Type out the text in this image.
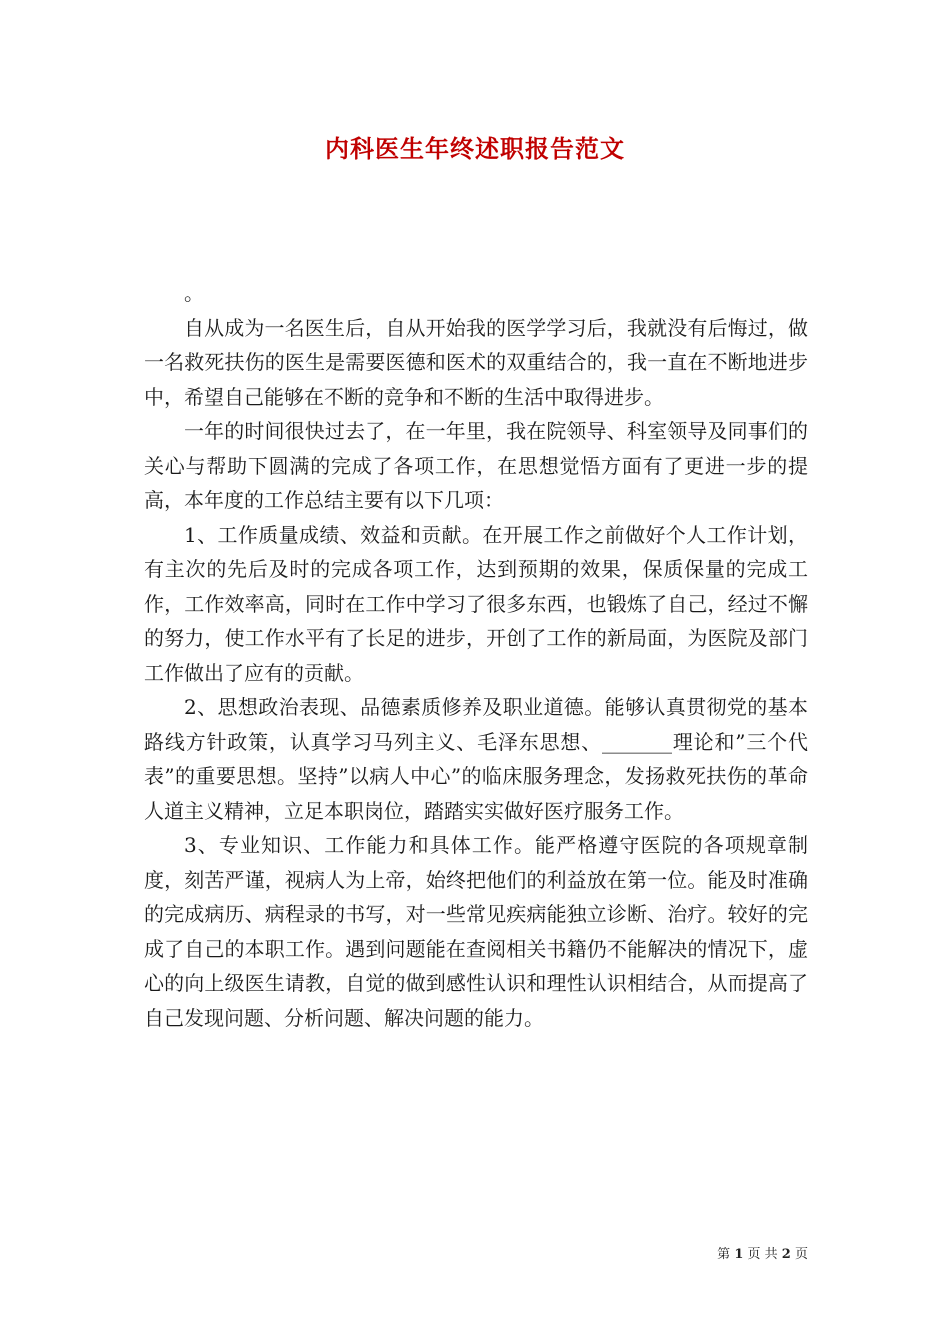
内科医生年终述职报告范文

。

自从成为一名医生后，自从开始我的医学学习后，我就没有后悔过，做一名救死扶伤的医生是需要医德和医术的双重结合的，我一直在不断地进步中，希望自己能够在不断的竞争和不断的生活中取得进步。

一年的时间很快过去了，在一年里，我在院领导、科室领导及同事们的关心与帮助下圆满的完成了各项工作，在思想觉悟方面有了更进一步的提高，本年度的工作总结主要有以下几项：

1、工作质量成绩、效益和贡献。在开展工作之前做好个人工作计划，有主次的先后及时的完成各项工作，达到预期的效果，保质保量的完成工作，工作效率高，同时在工作中学习了很多东西，也锻炼了自己，经过不懈的努力，使工作水平有了长足的进步，开创了工作的新局面，为医院及部门工作做出了应有的贡献。

2、思想政治表现、品德素质修养及职业道德。能够认真贯彻党的基本路线方针政策，认真学习马列主义、毛泽东思想、_______理论和”三个代表”的重要思想。坚持”以病人中心”的临床服务理念，发扬救死扶伤的革命人道主义精神，立足本职岗位，踏踏实实做好医疗服务工作。

3、专业知识、工作能力和具体工作。能严格遵守医院的各项规章制度，刻苦严谨，视病人为上帝，始终把他们的利益放在第一位。能及时准确的完成病历、病程录的书写，对一些常见疾病能独立诊断、治疗。较好的完成了自己的本职工作。遇到问题能在查阅相关书籍仍不能解决的情况下，虚心的向上级医生请教，自觉的做到感性认识和理性认识相结合，从而提高了自己发现问题、分析问题、解决问题的能力。

第 1 页 共 2 页
